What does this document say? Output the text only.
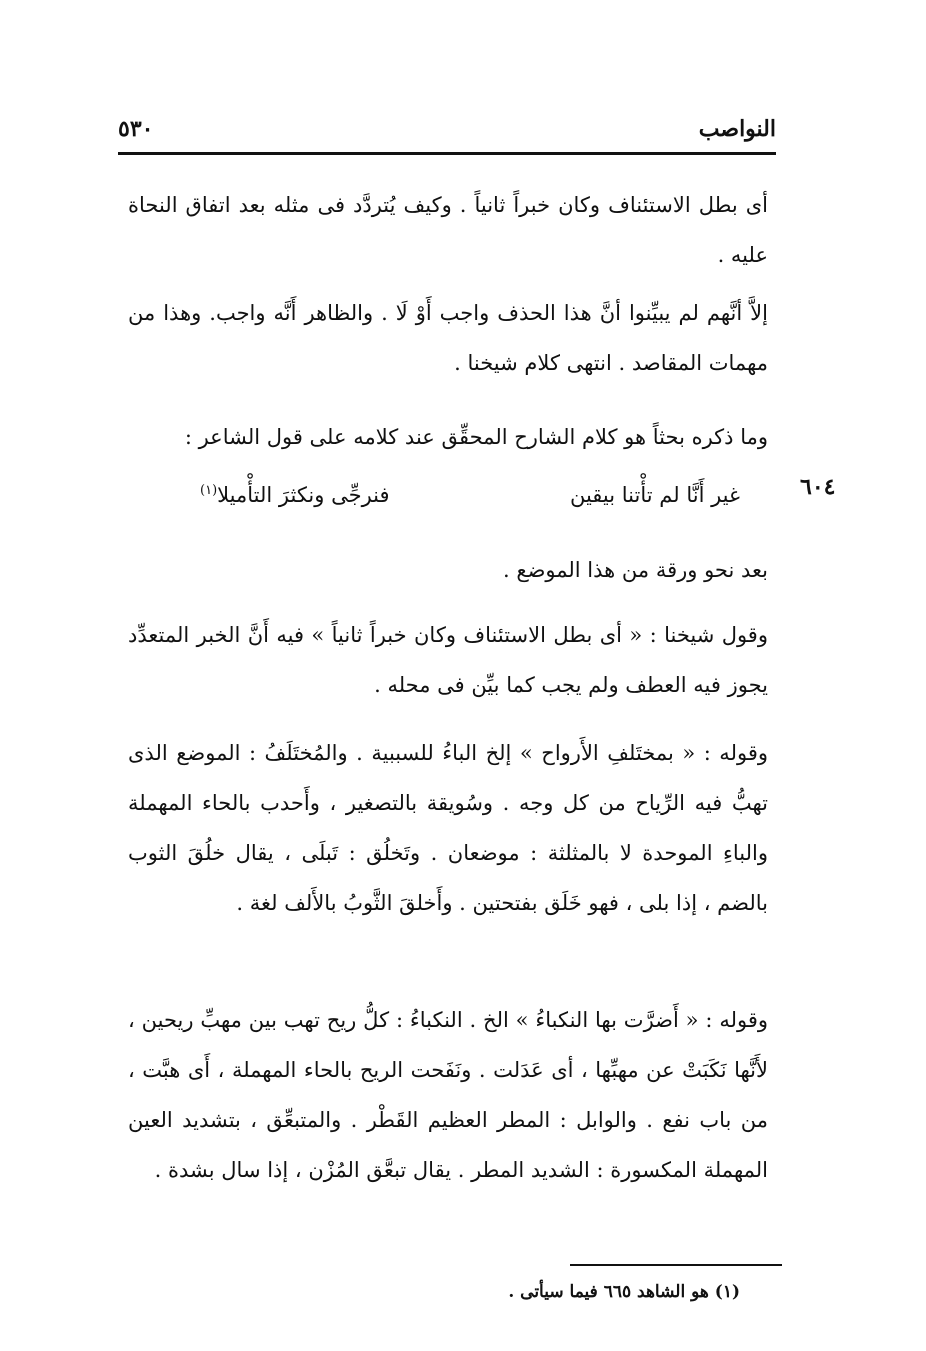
٥٣٠	النواصب
أى بطل الاستئناف وكان خبراً ثانياً . وكيف يُتردَّد فى مثله بعد اتفاق النحاة عليه .
إلاَّ أنَّهم لم يبيِّنوا أنَّ هذا الحذف واجب أَوْ لَا . والظاهر أَنَّه واجب. وهذا من مهمات المقاصد . انتهى كلام شيخنا .
وما ذكره بحثاً هو كلام الشارح المحقِّق عند كلامه على قول الشاعر :
غير أَنَّا لم تأْتنا بيقين
فنرجِّى ونكثرَ التأْميلا$^{(١)}$	٦٠٤
بعد نحو ورقة من هذا الموضع .
وقول شيخنا : « أى بطل الاستئناف وكان خبراً ثانياً » فيه أَنَّ الخبر المتعدِّد يجوز فيه العطف ولم يجب كما بيِّن فى محله .
وقوله : « بمختَلفِ الأَرواح » إلخ الباءُ للسببية . والمُختَلَفُ : الموضع الذى تهبُّ فيه الرِّياح من كل وجه . وسُويقة بالتصغير ، وأَحدب بالحاء المهملة والباءِ الموحدة لا بالمثلثة : موضعان . وتَخلُق : تَبلَى ، يقال خلُقَ الثوب بالضم ، إذا بلى ، فهو خَلَق بفتحتين . وأَخلقَ الثَّوبُ بالأَلف لغة .
وقوله : « أَضرَّت بها النكباءُ » الخ . النكباءُ : كلُّ ريح تهب بين مهبِّ ريحين ، لأَنَّها نَكَبَتْ عن مهبِّها ، أى عَدَلت . ونَفَحت الريح بالحاء المهملة ، أَى هبَّت ، من باب نفع . والوابل : المطر العظيم القَطْر . والمتبعِّق ، بتشديد العين المهملة المكسورة : الشديد المطر . يقال تبعَّق المُزْن ، إذا سال بشدة .
(١) هو الشاهد ٦٦٥ فيما سيأتى .
